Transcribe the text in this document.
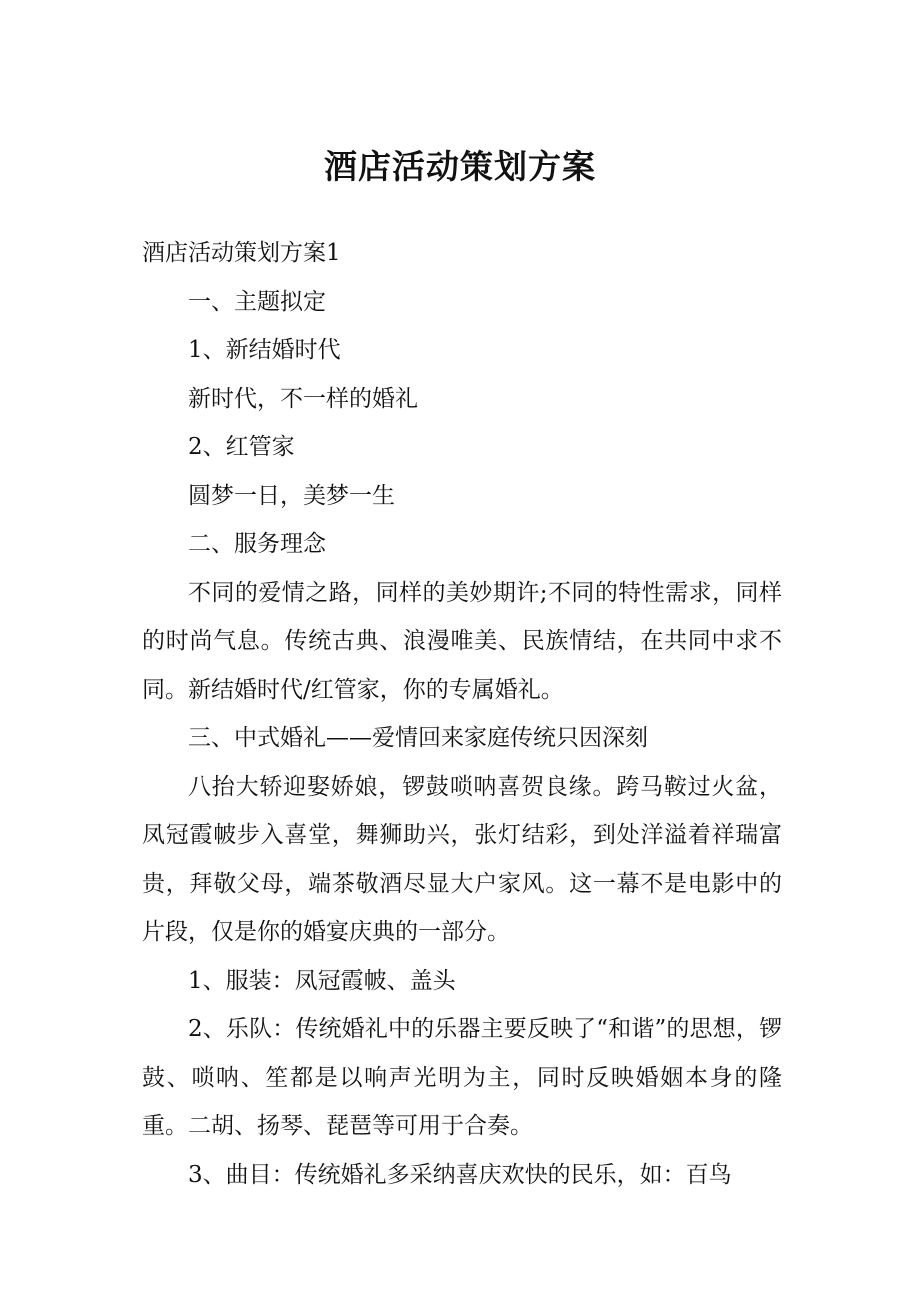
酒店活动策划方案

酒店活动策划方案1

一、主题拟定

1、新结婚时代

新时代，不一样的婚礼

2、红管家

圆梦一日，美梦一生

二、服务理念

不同的爱情之路，同样的美妙期许;不同的特性需求，同样的时尚气息。传统古典、浪漫唯美、民族情结，在共同中求不同。新结婚时代/红管家，你的专属婚礼。

三、中式婚礼——爱情回来家庭传统只因深刻

八抬大轿迎娶娇娘，锣鼓唢呐喜贺良缘。跨马鞍过火盆，凤冠霞帔步入喜堂，舞狮助兴，张灯结彩，到处洋溢着祥瑞富贵，拜敬父母，端茶敬酒尽显大户家风。这一幕不是电影中的片段，仅是你的婚宴庆典的一部分。

1、服装：凤冠霞帔、盖头

2、乐队：传统婚礼中的乐器主要反映了“和谐”的思想，锣鼓、唢呐、笙都是以响声光明为主，同时反映婚姻本身的隆重。二胡、扬琴、琵琶等可用于合奏。

3、曲目：传统婚礼多采纳喜庆欢快的民乐，如：百鸟
